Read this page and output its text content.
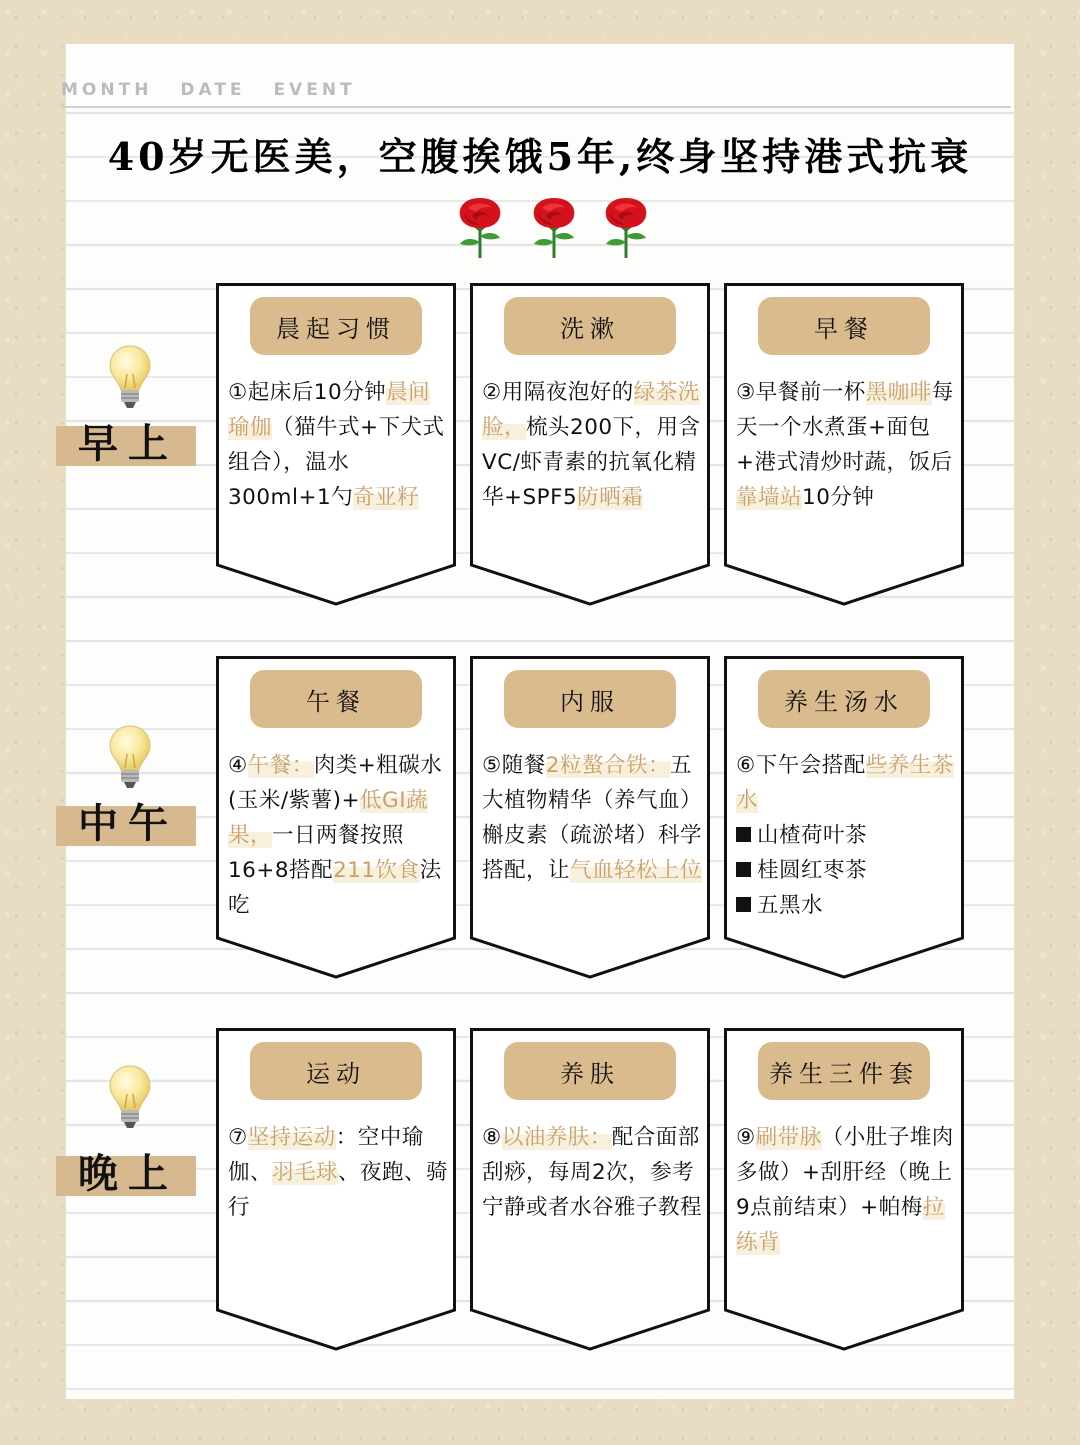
MONTH DATE EVENT
40岁无医美，空腹挨饿5年,终身坚持港式抗衰
早上
中午
晚上
晨起习惯
①起床后10分钟晨间瑜伽（猫牛式+下犬式组合），温水300ml+1勺奇亚籽
洗漱
②用隔夜泡好的绿茶洗脸，梳头200下，用含VC/虾青素的抗氧化精华+SPF5防晒霜
早餐
③早餐前一杯黑咖啡每天一个水煮蛋+面包+港式清炒时蔬，饭后靠墙站10分钟
午餐
④午餐：肉类+粗碳水(玉米/紫薯)+低GI蔬果，一日两餐按照16+8搭配211饮食法吃
内服
⑤随餐2粒螯合铁：五大植物精华（养气血）槲皮素（疏淤堵）科学搭配，让气血轻松上位
养生汤水
⑥下午会搭配些养生茶水
山楂荷叶茶
桂圆红枣茶
五黑水
运动
⑦坚持运动：空中瑜伽、羽毛球、夜跑、骑行
养肤
⑧以油养肤：配合面部刮痧，每周2次，参考宁静或者水谷雅子教程
养生三件套
⑨刷带脉（小肚子堆肉多做）+刮肝经（晚上9点前结束）+帕梅拉练背
